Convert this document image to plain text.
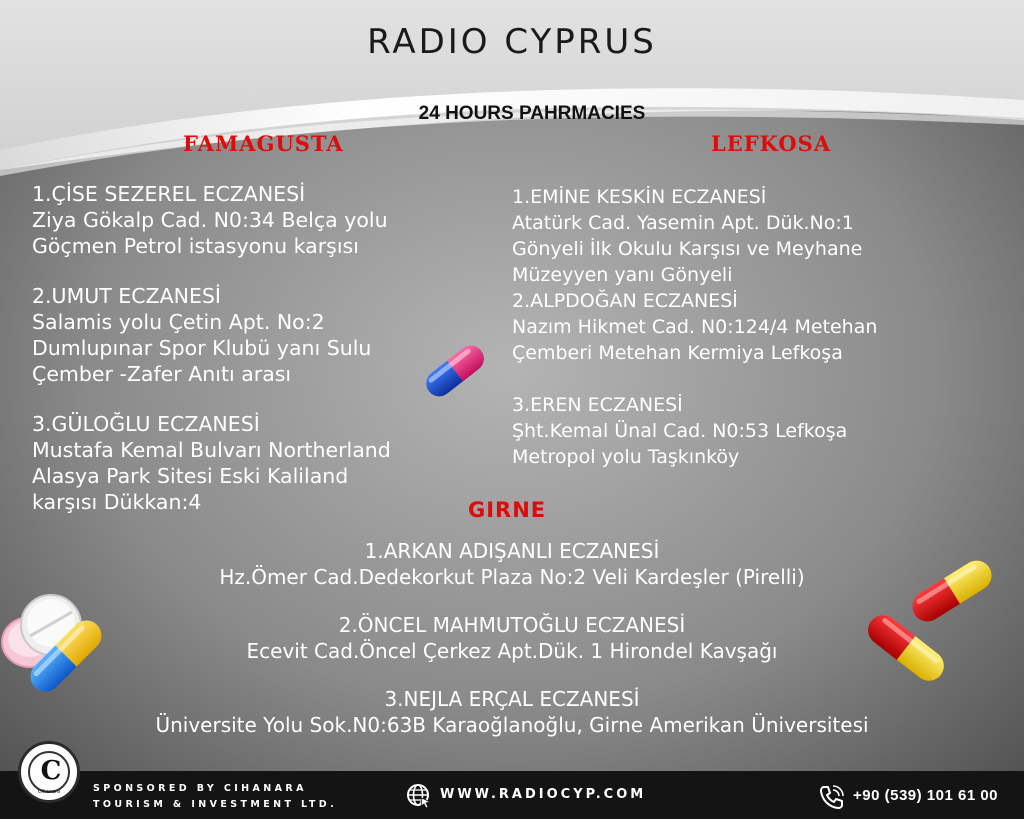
RADIO CYPRUS
24 HOURS PAHRMACIES
FAMAGUSTA	LEFKOSA
1.ÇİSE SEZEREL ECZANESİ
Ziya Gökalp Cad. N0:34 Belça yolu
Göçmen Petrol istasyonu karşısı
2.UMUT ECZANESİ
Salamis yolu Çetin Apt. No:2
Dumlupınar Spor Klubü yanı Sulu
Çember -Zafer Anıtı arası
3.GÜLOĞLU ECZANESİ
Mustafa Kemal Bulvarı Northerland
Alasya Park Sitesi Eski Kaliland
karşısı Dükkan:4
1.EMİNE KESKİN ECZANESİ
Atatürk Cad. Yasemin Apt. Dük.No:1
Gönyeli İlk Okulu Karşısı ve Meyhane
Müzeyyen yanı Gönyeli
2.ALPDOĞAN ECZANESİ
Nazım Hikmet Cad. N0:124/4 Metehan
Çemberi Metehan Kermiya Lefkoşa
3.EREN ECZANESİ
Şht.Kemal Ünal Cad. N0:53 Lefkoşa
Metropol yolu Taşkınköy
GIRNE
1.ARKAN ADIŞANLI ECZANESİ
Hz.Ömer Cad.Dedekorkut Plaza No:2 Veli Kardeşler (Pirelli)
2.ÖNCEL MAHMUTOĞLU ECZANESİ
Ecevit Cad.Öncel Çerkez Apt.Dük. 1 Hirondel Kavşağı
3.NEJLA ERÇAL ECZANESİ
Üniversite Yolu Sok.N0:63B Karaoğlanoğlu, Girne Amerikan Üniversitesi
C
Cihanara	SPONSORED BY CIHANARA
TOURISM & INVESTMENT LTD.
WWW.RADIOCYP.COM	+90 (539) 101 61 00
